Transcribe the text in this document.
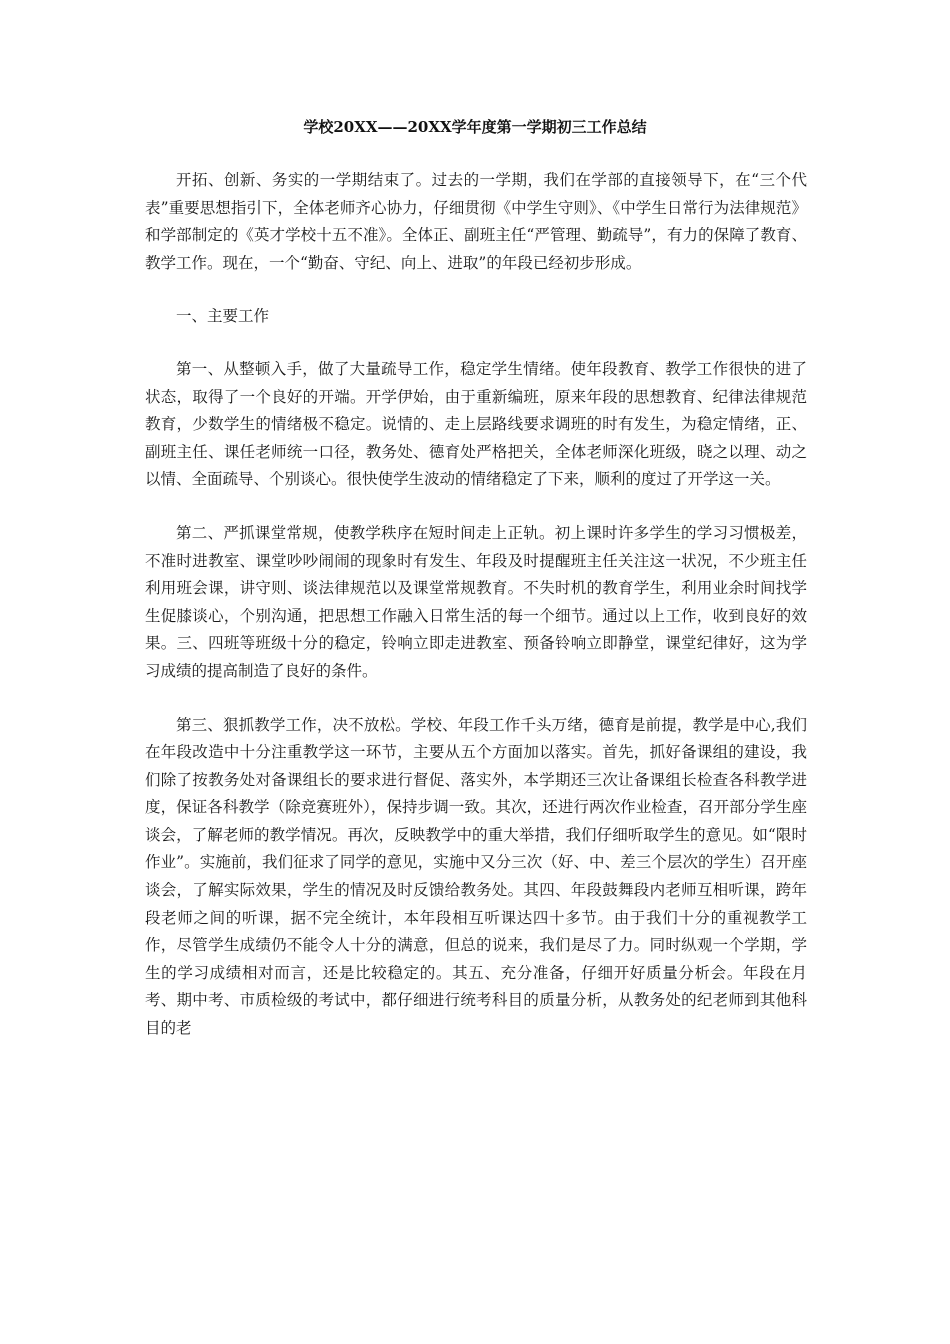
学校20XX——20XX学年度第一学期初三工作总结

开拓、创新、务实的一学期结束了。过去的一学期，我们在学部的直接领导下，在“三个代表”重要思想指引下，全体老师齐心协力，仔细贯彻《中学生守则》、《中学生日常行为法律规范》和学部制定的《英才学校十五不准》。全体正、副班主任“严管理、勤疏导”，有力的保障了教育、教学工作。现在，一个“勤奋、守纪、向上、进取”的年段已经初步形成。

一、主要工作

第一、从整顿入手，做了大量疏导工作，稳定学生情绪。使年段教育、教学工作很快的进了状态，取得了一个良好的开端。开学伊始，由于重新编班，原来年段的思想教育、纪律法律规范教育，少数学生的情绪极不稳定。说情的、走上层路线要求调班的时有发生，为稳定情绪，正、副班主任、课任老师统一口径，教务处、德育处严格把关，全体老师深化班级，晓之以理、动之以情、全面疏导、个别谈心。很快使学生波动的情绪稳定了下来，顺利的度过了开学这一关。

第二、严抓课堂常规，使教学秩序在短时间走上正轨。初上课时许多学生的学习习惯极差，不准时进教室、课堂吵吵闹闹的现象时有发生、年段及时提醒班主任关注这一状况，不少班主任利用班会课，讲守则、谈法律规范以及课堂常规教育。不失时机的教育学生，利用业余时间找学生促膝谈心，个别沟通，把思想工作融入日常生活的每一个细节。通过以上工作，收到良好的效果。三、四班等班级十分的稳定，铃响立即走进教室、预备铃响立即静堂，课堂纪律好，这为学习成绩的提高制造了良好的条件。

第三、狠抓教学工作，决不放松。学校、年段工作千头万绪，德育是前提，教学是中心,我们在年段改造中十分注重教学这一环节，主要从五个方面加以落实。首先，抓好备课组的建设，我们除了按教务处对备课组长的要求进行督促、落实外，本学期还三次让备课组长检查各科教学进度，保证各科教学（除竞赛班外），保持步调一致。其次，还进行两次作业检查，召开部分学生座谈会，了解老师的教学情况。再次，反映教学中的重大举措，我们仔细听取学生的意见。如“限时作业”。实施前，我们征求了同学的意见，实施中又分三次（好、中、差三个层次的学生）召开座谈会，了解实际效果，学生的情况及时反馈给教务处。其四、年段鼓舞段内老师互相听课，跨年段老师之间的听课，据不完全统计，本年段相互听课达四十多节。由于我们十分的重视教学工作，尽管学生成绩仍不能令人十分的满意，但总的说来，我们是尽了力。同时纵观一个学期，学生的学习成绩相对而言，还是比较稳定的。其五、充分准备，仔细开好质量分析会。年段在月考、期中考、市质检级的考试中，都仔细进行统考科目的质量分析，从教务处的纪老师到其他科目的老
